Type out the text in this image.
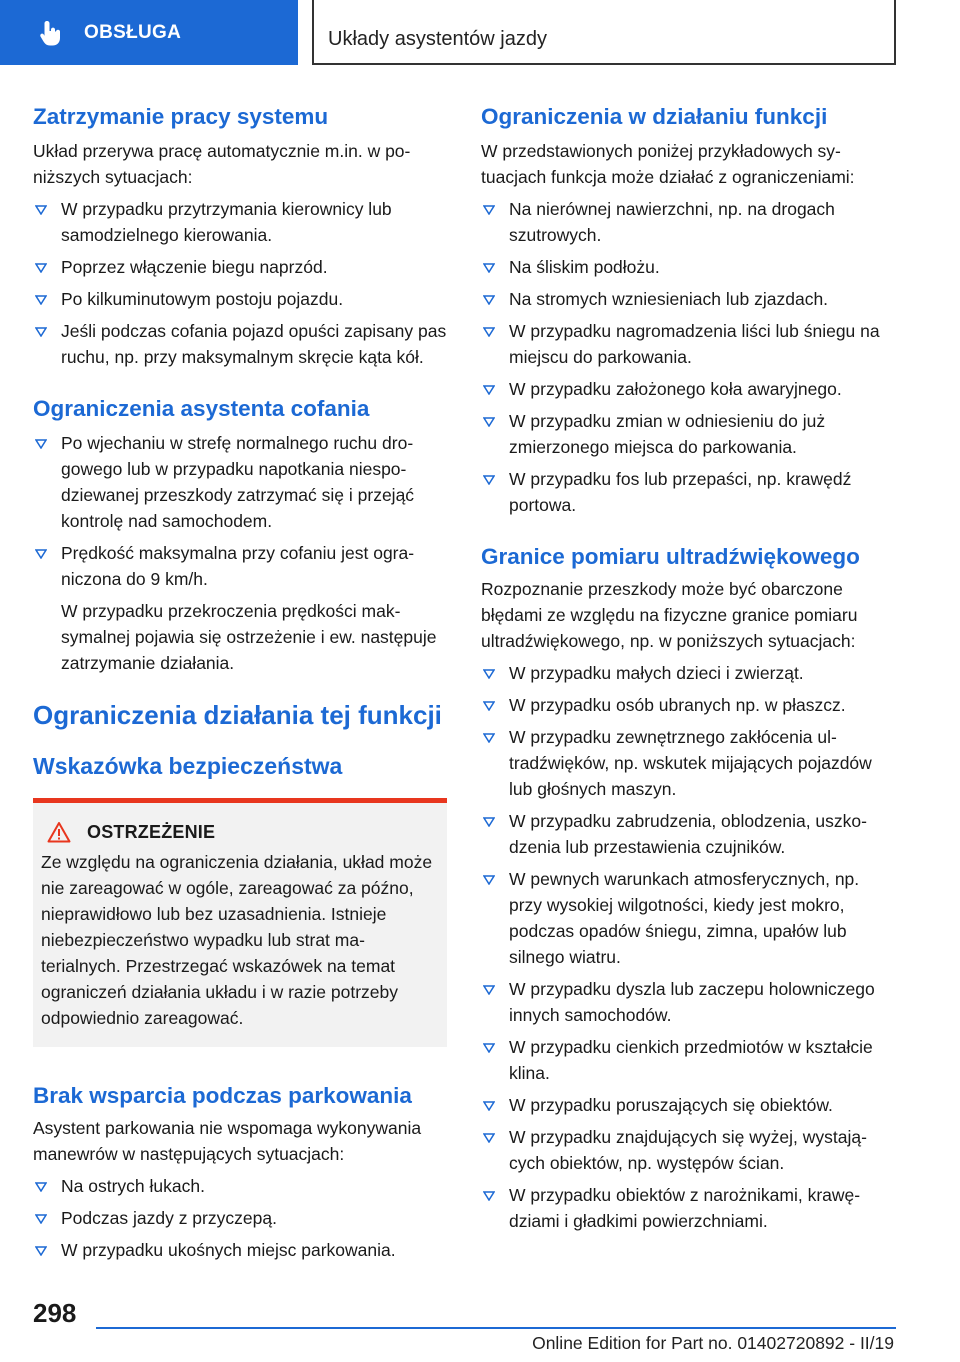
OBSŁUGA	Układy asystentów jazdy
Zatrzymanie pracy systemu

Układ przerywa pracę automatycznie m.in. w poniższych sytuacjach:

W przypadku przytrzymania kierownicy lub samodzielnego kierowania.
Poprzez włączenie biegu naprzód.
Po kilkuminutowym postoju pojazdu.
Jeśli podczas cofania pojazd opuści zapisany pas ruchu, np. przy maksymalnym skręcie kąta kół.
Ograniczenia asystenta cofania
Po wjechaniu w strefę normalnego ruchu drogowego lub w przypadku napotkania niespodziewanej przeszkody zatrzymać się i przejąć kontrolę nad samochodem.
Prędkość maksymalna przy cofaniu jest ograniczona do 9 km/h.

W przypadku przekroczenia prędkości maksymalnej pojawia się ostrzeżenie i ew. następuje zatrzymanie działania.

Ograniczenia działania tej funkcji
Wskazówka bezpieczeństwa
OSTRZEŻENIE

Ze względu na ograniczenia działania, układ może nie zareagować w ogóle, zareagować za późno, nieprawidłowo lub bez uzasadnienia. Istnieje niebezpieczeństwo wypadku lub strat materialnych. Przestrzegać wskazówek na temat ograniczeń działania układu i w razie potrzeby odpowiednio zareagować.

Brak wsparcia podczas parkowania

Asystent parkowania nie wspomaga wykonywania manewrów w następujących sytuacjach:

Na ostrych łukach.
Podczas jazdy z przyczepą.
W przypadku ukośnych miejsc parkowania.
Ograniczenia w działaniu funkcji

W przedstawionych poniżej przykładowych sytuacjach funkcja może działać z ograniczeniami:

Na nierównej nawierzchni, np. na drogach szutrowych.
Na śliskim podłożu.
Na stromych wzniesieniach lub zjazdach.
W przypadku nagromadzenia liści lub śniegu na miejscu do parkowania.
W przypadku założonego koła awaryjnego.
W przypadku zmian w odniesieniu do już zmierzonego miejsca do parkowania.
W przypadku fos lub przepaści, np. krawędź portowa.
Granice pomiaru ultradźwiękowego

Rozpoznanie przeszkody może być obarczone błędami ze względu na fizyczne granice pomiaru ultradźwiękowego, np. w poniższych sytuacjach:

W przypadku małych dzieci i zwierząt.
W przypadku osób ubranych np. w płaszcz.
W przypadku zewnętrznego zakłócenia ultradźwięków, np. wskutek mijających pojazdów lub głośnych maszyn.
W przypadku zabrudzenia, oblodzenia, uszkodzenia lub przestawienia czujników.
W pewnych warunkach atmosferycznych, np. przy wysokiej wilgotności, kiedy jest mokro, podczas opadów śniegu, zimna, upałów lub silnego wiatru.
W przypadku dyszla lub zaczepu holowniczego innych samochodów.
W przypadku cienkich przedmiotów w kształcie klina.
W przypadku poruszających się obiektów.
W przypadku znajdujących się wyżej, wystających obiektów, np. występów ścian.
W przypadku obiektów z narożnikami, krawędziami i gładkimi powierzchniami.
298
Online Edition for Part no. 01402720892 - II/19
